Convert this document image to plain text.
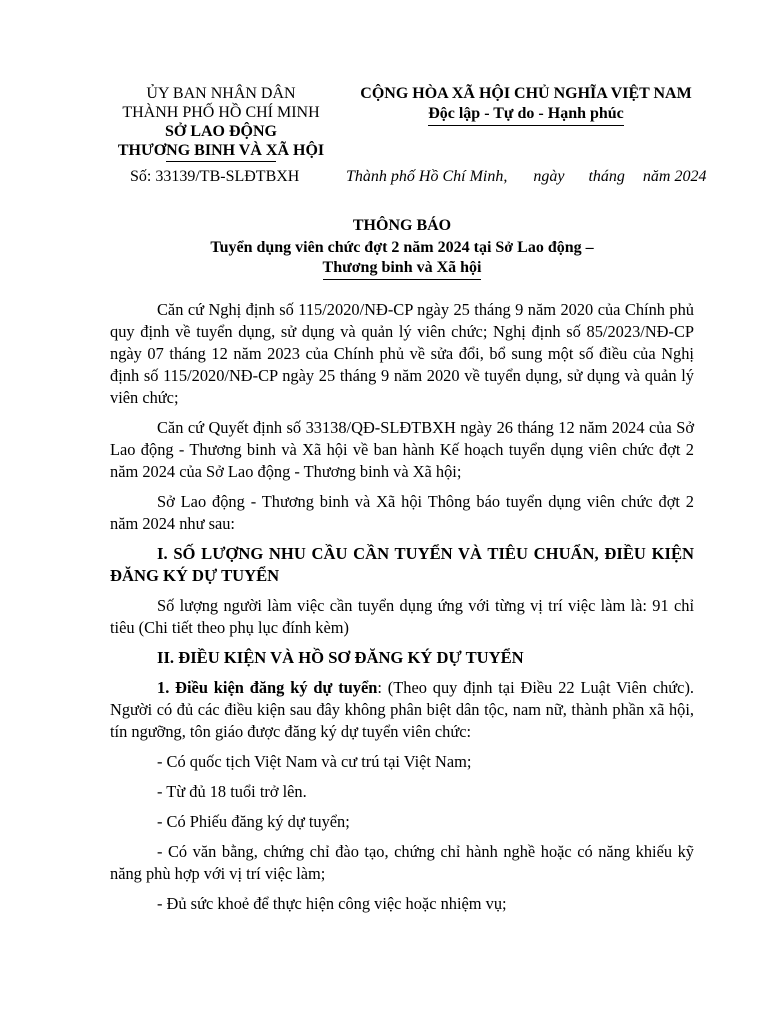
ỦY BAN NHÂN DÂN
THÀNH PHỐ HỒ CHÍ MINH
SỞ LAO ĐỘNG
THƯƠNG BINH VÀ XÃ HỘI
CỘNG HÒA XÃ HỘI CHỦ NGHĨA VIỆT NAM
Độc lập - Tự do - Hạnh phúc
Số: 33139/TB-SLĐTBXH	Thành phố Hồ Chí Minh, ngày tháng năm 2024
THÔNG BÁO
Tuyển dụng viên chức đợt 2 năm 2024 tại Sở Lao động –
Thương binh và Xã hội

Căn cứ Nghị định số 115/2020/NĐ-CP ngày 25 tháng 9 năm 2020 của Chính phủ quy định về tuyển dụng, sử dụng và quản lý viên chức; Nghị định số 85/2023/NĐ-CP ngày 07 tháng 12 năm 2023 của Chính phủ về sửa đổi, bổ sung một số điều của Nghị định số 115/2020/NĐ-CP ngày 25 tháng 9 năm 2020 về tuyển dụng, sử dụng và quản lý viên chức;

Căn cứ Quyết định số 33138/QĐ-SLĐTBXH ngày 26 tháng 12 năm 2024 của Sở Lao động - Thương binh và Xã hội về ban hành Kế hoạch tuyển dụng viên chức đợt 2 năm 2024 của Sở Lao động - Thương binh và Xã hội;

Sở Lao động - Thương binh và Xã hội Thông báo tuyển dụng viên chức đợt 2 năm 2024 như sau:

I. SỐ LƯỢNG NHU CẦU CẦN TUYỂN VÀ TIÊU CHUẨN, ĐIỀU KIỆN ĐĂNG KÝ DỰ TUYỂN

Số lượng người làm việc cần tuyển dụng ứng với từng vị trí việc làm là: 91 chỉ tiêu (Chi tiết theo phụ lục đính kèm)

II. ĐIỀU KIỆN VÀ HỒ SƠ ĐĂNG KÝ DỰ TUYỂN

1. Điều kiện đăng ký dự tuyển: (Theo quy định tại Điều 22 Luật Viên chức). Người có đủ các điều kiện sau đây không phân biệt dân tộc, nam nữ, thành phần xã hội, tín ngưỡng, tôn giáo được đăng ký dự tuyển viên chức:

- Có quốc tịch Việt Nam và cư trú tại Việt Nam;

- Từ đủ 18 tuổi trở lên.

- Có Phiếu đăng ký dự tuyển;

- Có văn bằng, chứng chỉ đào tạo, chứng chỉ hành nghề hoặc có năng khiếu kỹ năng phù hợp với vị trí việc làm;

- Đủ sức khoẻ để thực hiện công việc hoặc nhiệm vụ;
